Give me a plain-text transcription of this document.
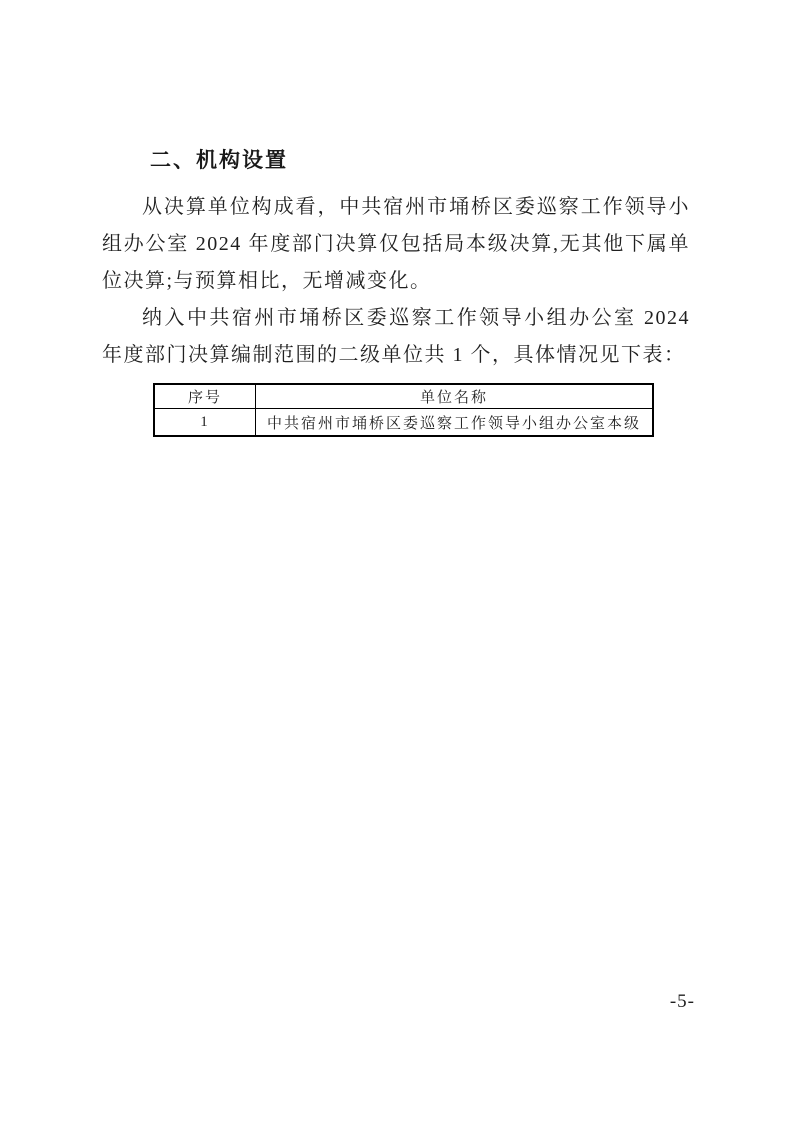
二、机构设置

从决算单位构成看，中共宿州市埇桥区委巡察工作领导小组办公室 2024 年度部门决算仅包括局本级决算,无其他下属单位决算;与预算相比，无增减变化。

纳入中共宿州市埇桥区委巡察工作领导小组办公室 2024 年度部门决算编制范围的二级单位共 1 个，具体情况见下表：

序号	单位名称
1	中共宿州市埇桥区委巡察工作领导小组办公室本级
-5-
